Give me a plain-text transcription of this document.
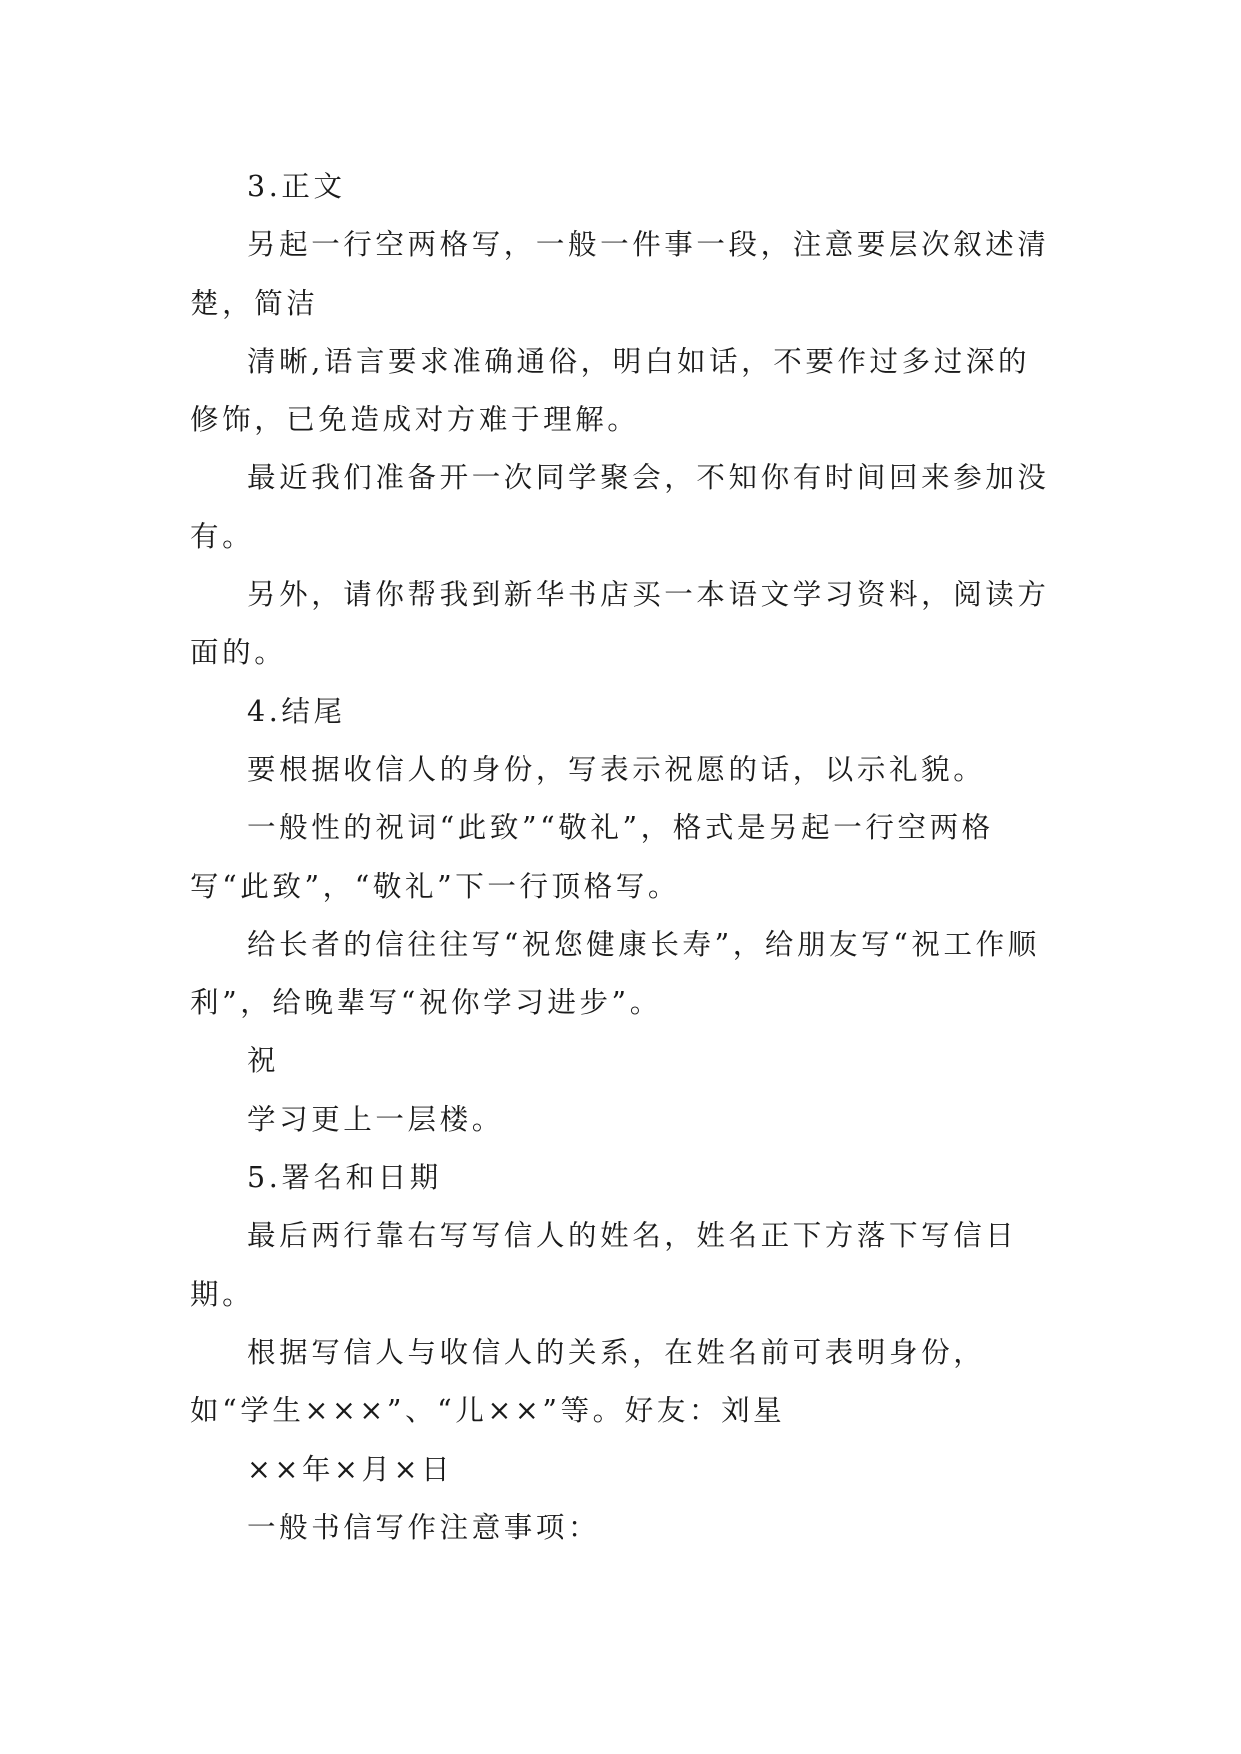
3.正文

另起一行空两格写，一般一件事一段，注意要层次叙述清楚，简洁

清晰,语言要求准确通俗，明白如话，不要作过多过深的修饰，已免造成对方难于理解。

最近我们准备开一次同学聚会，不知你有时间回来参加没有。

另外，请你帮我到新华书店买一本语文学习资料，阅读方面的。

4.结尾

要根据收信人的身份，写表示祝愿的话，以示礼貌。

一般性的祝词“此致”“敬礼”，格式是另起一行空两格写“此致”，“敬礼”下一行顶格写。

给长者的信往往写“祝您健康长寿”，给朋友写“祝工作顺利”，给晚辈写“祝你学习进步”。

祝

学习更上一层楼。

5.署名和日期

最后两行靠右写写信人的姓名，姓名正下方落下写信日期。

根据写信人与收信人的关系，在姓名前可表明身份，如“学生×××”、“儿××”等。好友：刘星

××年×月×日

一般书信写作注意事项：
